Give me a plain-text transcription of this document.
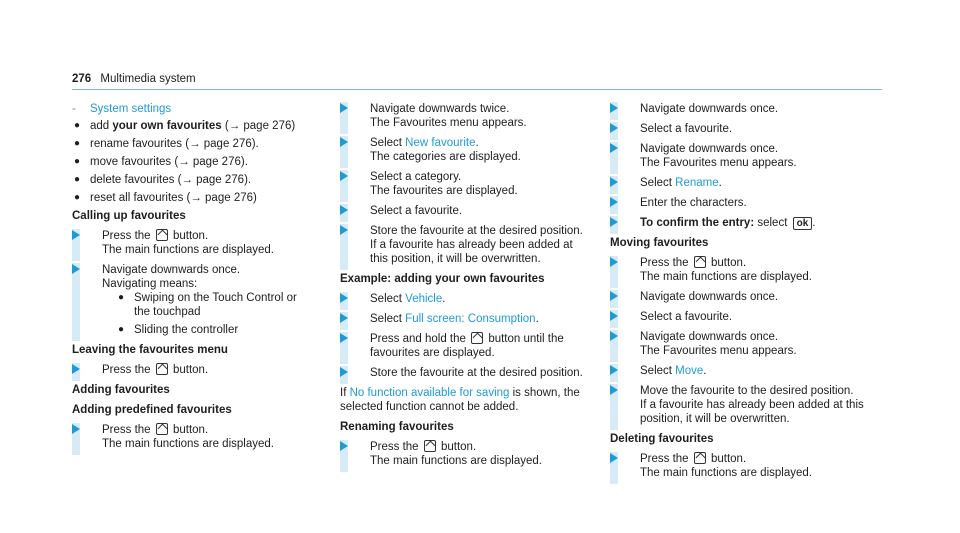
276 Multimedia system
- System settings
● add your own favourites (→ page 276)
● rename favourites (→ page 276).
● move favourites (→ page 276).
● delete favourites (→ page 276).
● reset all favourites (→ page 276)
Calling up favourites
Press the button.
The main functions are displayed.
Navigate downwards once.
Navigating means:
● Swiping on the Touch Control or the touchpad
● Sliding the controller
Leaving the favourites menu
Press the button.
Adding favourites
Adding predefined favourites
Press the button.
The main functions are displayed.
Navigate downwards twice.
The Favourites menu appears.
Select New favourite.
The categories are displayed.
Select a category.
The favourites are displayed.
Select a favourite.
Store the favourite at the desired position.
If a favourite has already been added at this position, it will be overwritten.
Example: adding your own favourites
Select Vehicle.
Select Full screen: Consumption.
Press and hold the button until the favourites are displayed.
Store the favourite at the desired position.
If No function available for saving is shown, the selected function cannot be added.
Renaming favourites
Press the button.
The main functions are displayed.
Navigate downwards once.
Select a favourite.
Navigate downwards once.
The Favourites menu appears.
Select Rename.
Enter the characters.
To confirm the entry: select ok .
Moving favourites
Press the button.
The main functions are displayed.
Navigate downwards once.
Select a favourite.
Navigate downwards once.
The Favourites menu appears.
Select Move.
Move the favourite to the desired position.
If a favourite has already been added at this position, it will be overwritten.
Deleting favourites
Press the button.
The main functions are displayed.
